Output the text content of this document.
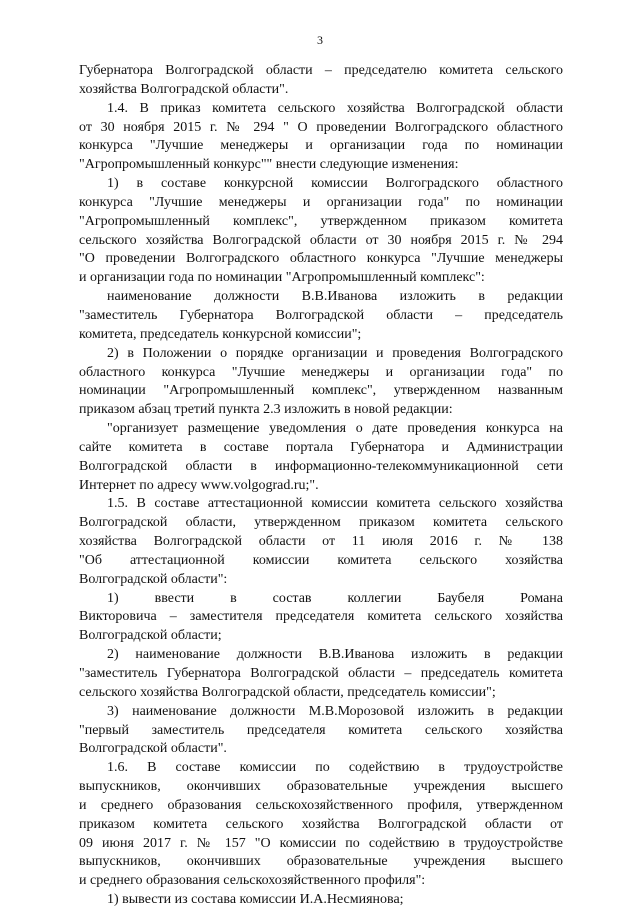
3
Губернатора Волгоградской области – председателю комитета сельского
хозяйства Волгоградской области".
1.4. В приказ комитета сельского хозяйства Волгоградской области
от 30 ноября 2015 г. № 294 " О проведении Волгоградского областного
конкурса "Лучшие менеджеры и организации года по номинации
"Агропромышленный конкурс"" внести следующие изменения:
1) в составе конкурсной комиссии Волгоградского областного
конкурса "Лучшие менеджеры и организации года" по номинации
"Агропромышленный комплекс", утвержденном приказом комитета
сельского хозяйства Волгоградской области от 30 ноября 2015 г. № 294
"О проведении Волгоградского областного конкурса "Лучшие менеджеры
и организации года по номинации "Агропромышленный комплекс":
наименование должности В.В.Иванова изложить в редакции
"заместитель Губернатора Волгоградской области – председатель
комитета, председатель конкурсной комиссии";
2) в Положении о порядке организации и проведения Волгоградского
областного конкурса "Лучшие менеджеры и организации года" по
номинации "Агропромышленный комплекс", утвержденном названным
приказом абзац третий пункта 2.3 изложить в новой редакции:
"организует размещение уведомления о дате проведения конкурса на
сайте комитета в составе портала Губернатора и Администрации
Волгоградской области в информационно-телекоммуникационной сети
Интернет по адресу www.volgograd.ru;".
1.5. В составе аттестационной комиссии комитета сельского хозяйства
Волгоградской области, утвержденном приказом комитета сельского
хозяйства Волгоградской области от 11 июля 2016 г. № 138
"Об аттестационной комиссии комитета сельского хозяйства
Волгоградской области":
1) ввести в состав коллегии Баубеля Романа
Викторовича – заместителя председателя комитета сельского хозяйства
Волгоградской области;
2) наименование должности В.В.Иванова изложить в редакции
"заместитель Губернатора Волгоградской области – председатель комитета
сельского хозяйства Волгоградской области, председатель комиссии";
3) наименование должности М.В.Морозовой изложить в редакции
"первый заместитель председателя комитета сельского хозяйства
Волгоградской области".
1.6. В составе комиссии по содействию в трудоустройстве
выпускников, окончивших образовательные учреждения высшего
и среднего образования сельскохозяйственного профиля, утвержденном
приказом комитета сельского хозяйства Волгоградской области от
09 июня 2017 г. № 157 "О комиссии по содействию в трудоустройстве
выпускников, окончивших образовательные учреждения высшего
и среднего образования сельскохозяйственного профиля":
1) вывести из состава комиссии И.А.Несмиянова;
